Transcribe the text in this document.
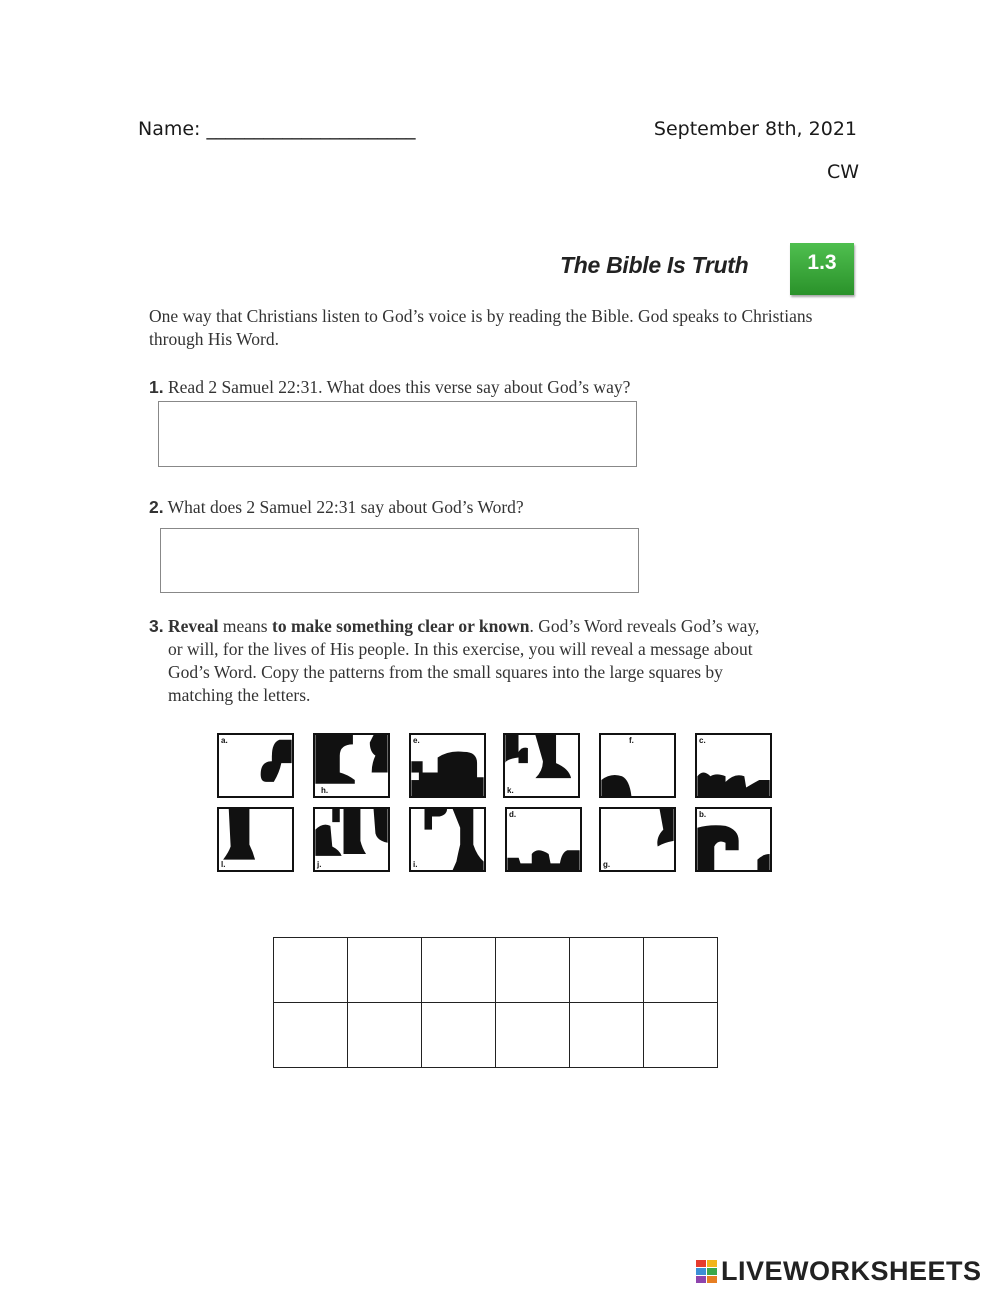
Name: ______________________	September 8th, 2021
CW
The Bible Is Truth	1.3
One way that Christians listen to God’s voice is by reading the Bible. God speaks to Christians through His Word.
1. Read 2 Samuel 22:31. What does this verse say about God’s way?
2. What does 2 Samuel 22:31 say about God’s Word?
3. Reveal means to make something clear or known. God’s Word reveals God’s way,
or will, for the lives of His people. In this exercise, you will reveal a message about
God’s Word. Copy the patterns from the small squares into the large squares by
matching the letters.
a.
h.
e.
k.
f.	c.
l.	j.	i.
d.
g.
b.

LIVEWORKSHEETS
